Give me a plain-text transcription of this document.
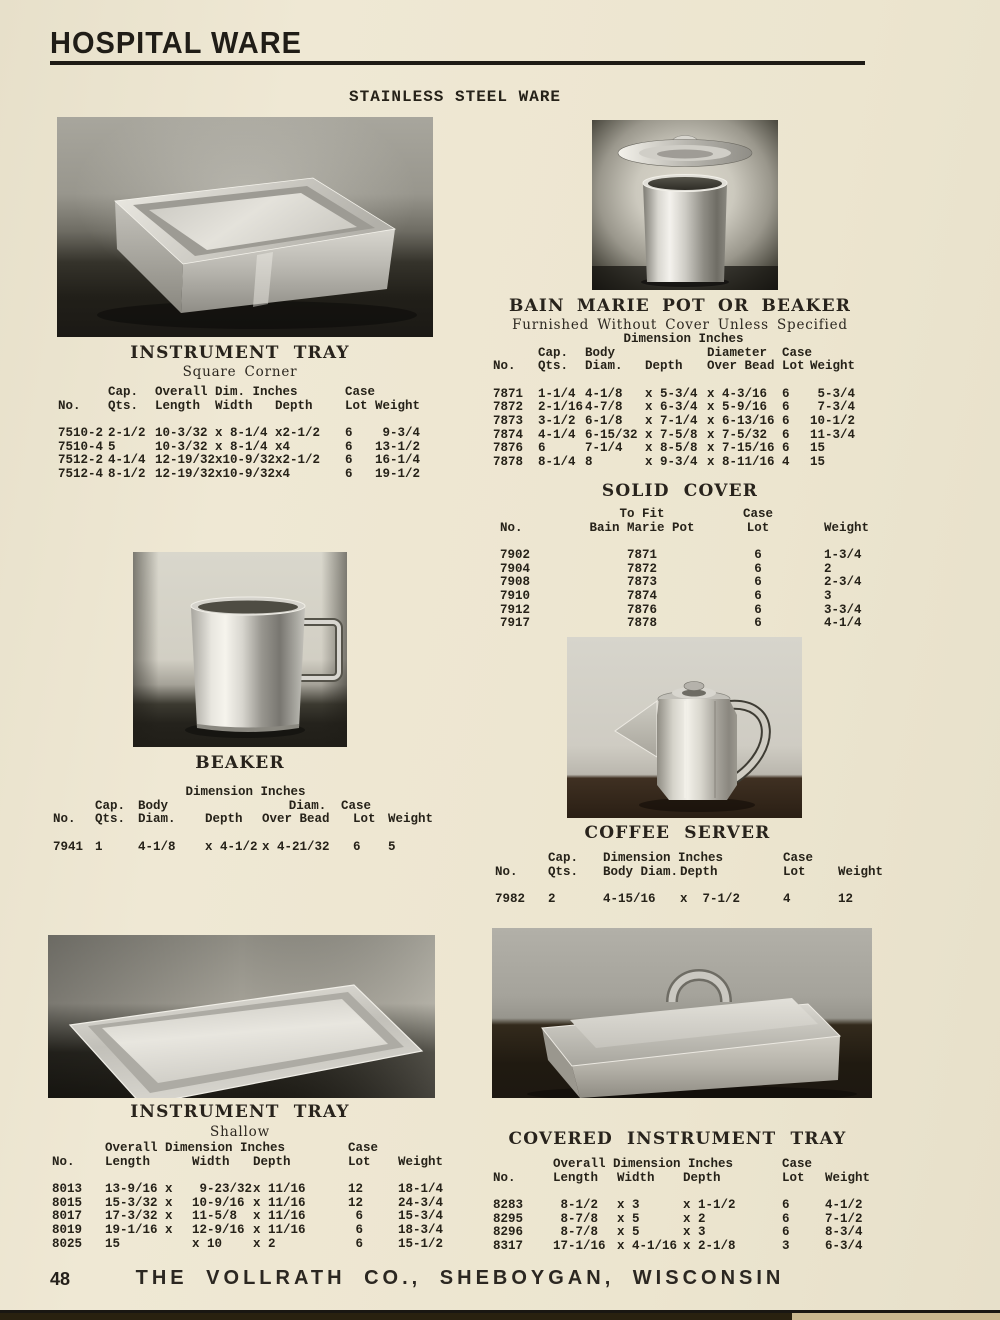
HOSPITAL WARE
STAINLESS STEEL WARE
INSTRUMENT TRAY
Square Corner
	Cap.	Overall Dim. Inches			Case	
No.	Qts.	Length	Width	Depth	Lot	Weight
7510-2	2-1/2	10-3/32	x 8-1/4	x2-1/2	6	9-3/4
7510-4	5	10-3/32	x 8-1/4	x4	6	13-1/2
7512-2	4-1/4	12-19/32	x10-9/32	x2-1/2	6	16-1/4
7512-4	8-1/2	12-19/32	x10-9/32	x4	6	19-1/2
BAIN MARIE POT OR BEAKER
Furnished Without Cover Unless Specified
		Dimension Inches				
	Cap.	Body		Diameter	Case	
No.	Qts.	Diam.	Depth	Over Bead	Lot	Weight
7871	1-1/4	4-1/8	x 5-3/4	x 4-3/16	6	5-3/4
7872	2-1/16	4-7/8	x 6-3/4	x 5-9/16	6	7-3/4
7873	3-1/2	6-1/8	x 7-1/4	x 6-13/16	6	10-1/2
7874	4-1/4	6-15/32	x 7-5/8	x 7-5/32	6	11-3/4
7876	6	7-1/4	x 8-5/8	x 7-15/16	6	15
7878	8-1/4	8	x 9-3/4	x 8-11/16	4	15
SOLID COVER
	To Fit	Case	
No.	Bain Marie Pot	Lot	Weight
7902	7871	6	1-3/4
7904	7872	6	2
7908	7873	6	2-3/4
7910	7874	6	3
7912	7876	6	3-3/4
7917	7878	6	4-1/4
BEAKER
		Dimension Inches				
	Cap.	Body		Diam.	Case	
No.	Qts.	Diam.	Depth	Over Bead	Lot	Weight
7941	1	4-1/8	x 4-1/2	x 4-21/32	6	5
COFFEE SERVER
	Cap.	Dimension Inches		Case	
No.	Qts.	Body Diam.	Depth	Lot	Weight
7982	2	4-15/16	x  7-1/2	4	12
INSTRUMENT TRAY
Shallow
	Overall Dimension Inches			Case	
No.	Length	Width	Depth	Lot	Weight
8013	13-9/16 x	9-23/32	x 11/16	12	18-1/4
8015	15-3/32 x	10-9/16	x 11/16	12	24-3/4
8017	17-3/32 x	11-5/8	x 11/16	6	15-3/4
8019	19-1/16 x	12-9/16	x 11/16	6	18-3/4
8025	15	x 10	x 2	6	15-1/2
COVERED INSTRUMENT TRAY
	Overall Dimension Inches			Case	
No.	Length	Width	Depth	Lot	Weight
8283	8-1/2	x 3	x 1-1/2	6	4-1/2
8295	8-7/8	x 5	x 2	6	7-1/2
8296	8-7/8	x 5	x 3	6	8-3/4
8317	17-1/16	x 4-1/16	x 2-1/8	3	6-3/4
48	THE VOLLRATH CO., SHEBOYGAN, WISCONSIN
